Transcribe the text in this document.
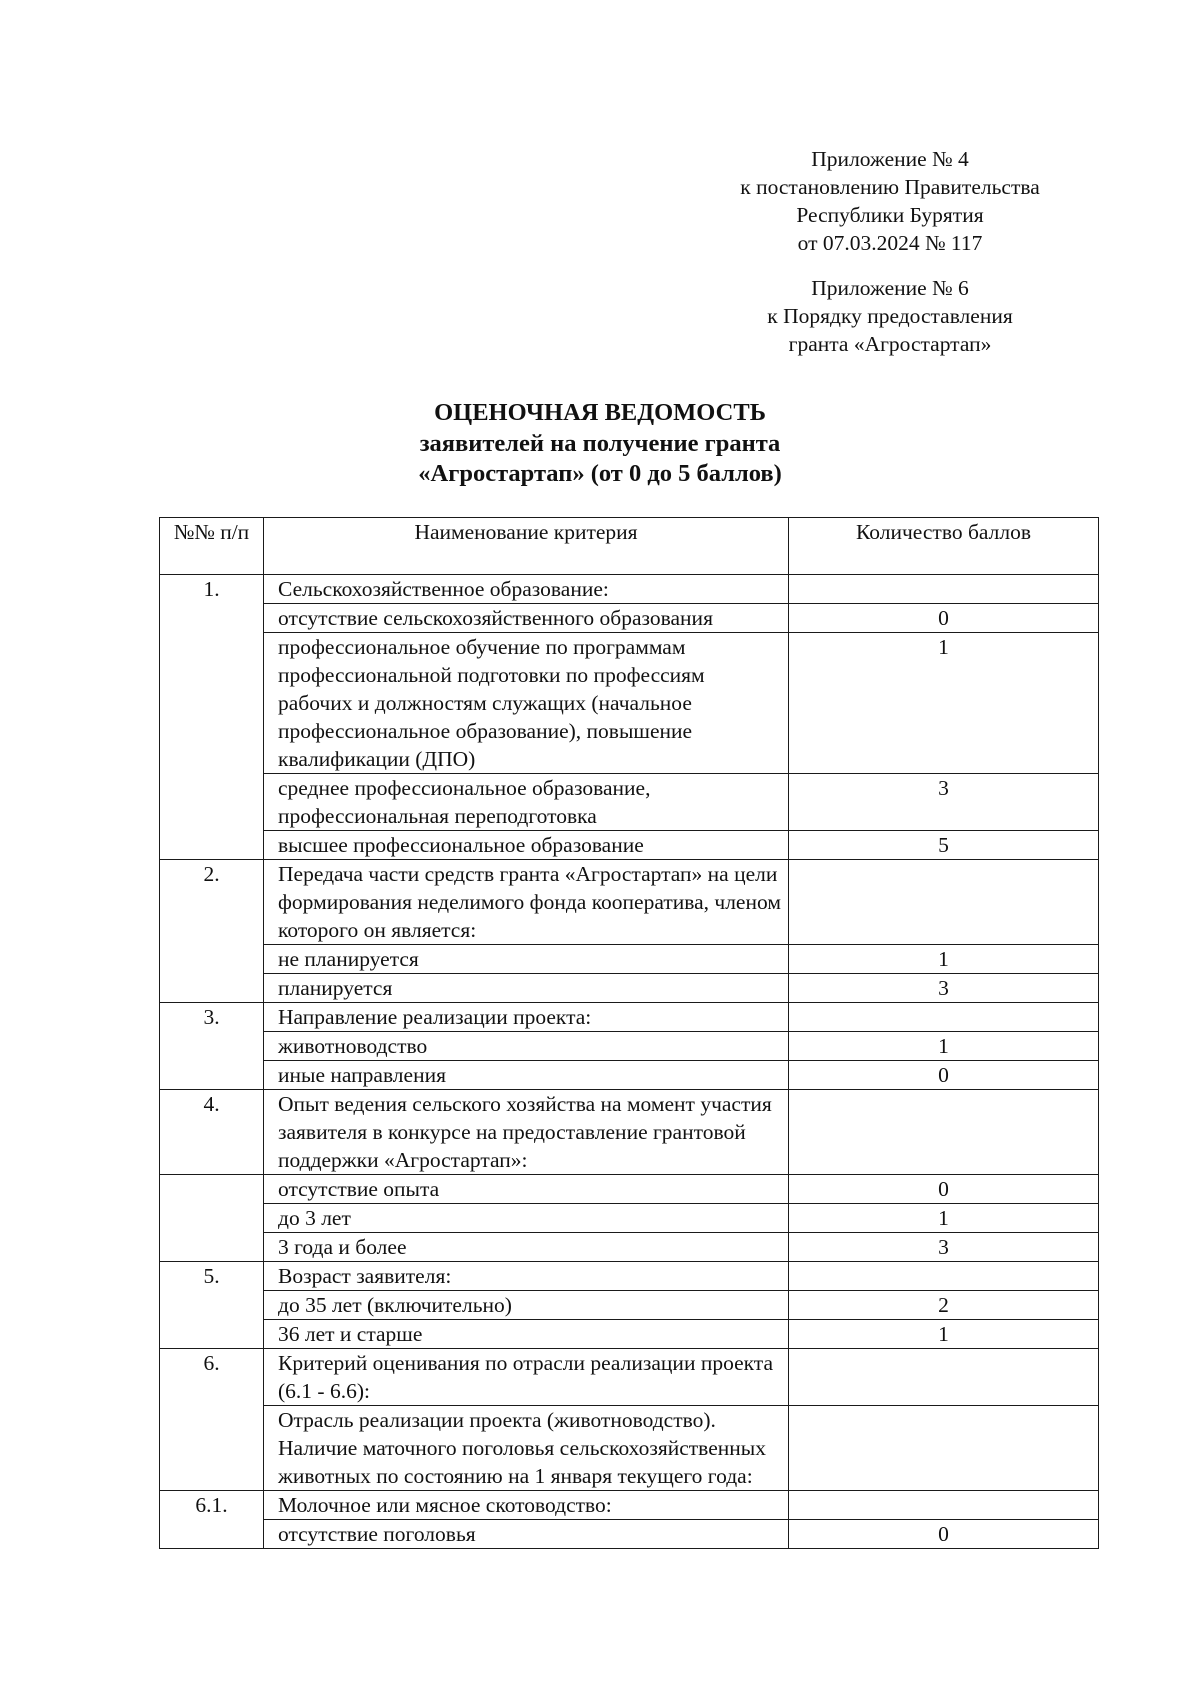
Приложение № 4
к постановлению Правительства
Республики Бурятия
от 07.03.2024 № 117
Приложение № 6
к Порядку предоставления
гранта «Агростартап»
ОЦЕНОЧНАЯ ВЕДОМОСТЬ
заявителей на получение гранта
«Агростартап» (от 0 до 5 баллов)
№№ п/п	Наименование критерия	Количество баллов
1.	Сельскохозяйственное образование:	
	отсутствие сельскохозяйственного образования	0
	профессиональное обучение по программам профессиональной подготовки по профессиям рабочих и должностям служащих (начальное профессиональное образование), повышение квалификации (ДПО)	1
	среднее профессиональное образование, профессиональная переподготовка	3
	высшее профессиональное образование	5
2.	Передача части средств гранта «Агростартап» на цели формирования неделимого фонда кооператива, членом которого он является:	
	не планируется	1
	планируется	3
3.	Направление реализации проекта:	
	животноводство	1
	иные направления	0
4.	Опыт ведения сельского хозяйства на момент участия заявителя в конкурсе на предоставление грантовой поддержки «Агростартап»:	
	отсутствие опыта	0
	до 3 лет	1
	3 года и более	3
5.	Возраст заявителя:	
	до 35 лет (включительно)	2
	36 лет и старше	1
6.	Критерий оценивания по отрасли реализации проекта (6.1 - 6.6):	
	Отрасль реализации проекта (животноводство). Наличие маточного поголовья сельскохозяйственных животных по состоянию на 1 января текущего года:	
6.1.	Молочное или мясное скотоводство:	
	отсутствие поголовья	0
